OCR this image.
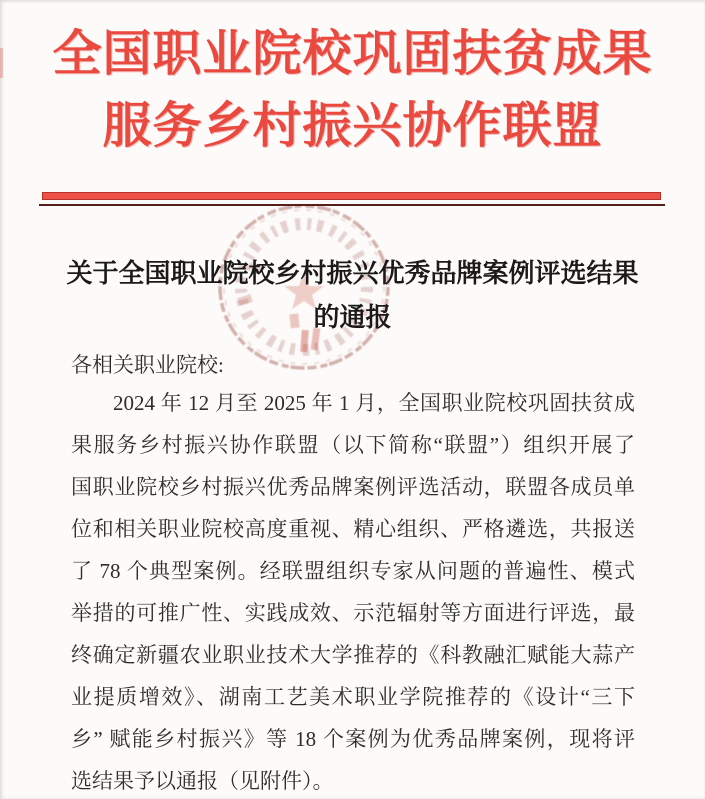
全国职业院校巩固扶贫成果
服务乡村振兴协作联盟
关于全国职业院校乡村振兴优秀品牌案例评选结果
的通报
各相关职业院校:
2024 年 12 月至 2025 年 1 月，全国职业院校巩固扶贫成
果服务乡村振兴协作联盟（以下简称“联盟”）组织开展了
国职业院校乡村振兴优秀品牌案例评选活动，联盟各成员单
位和相关职业院校高度重视、精心组织、严格遴选，共报送
了 78 个典型案例。经联盟组织专家从问题的普遍性、模式
举措的可推广性、实践成效、示范辐射等方面进行评选，最
终确定新疆农业职业技术大学推荐的《科教融汇赋能大蒜产
业提质增效》、湖南工艺美术职业学院推荐的《设计“三下
乡” 赋能乡村振兴》等 18 个案例为优秀品牌案例，现将评
选结果予以通报（见附件）。
